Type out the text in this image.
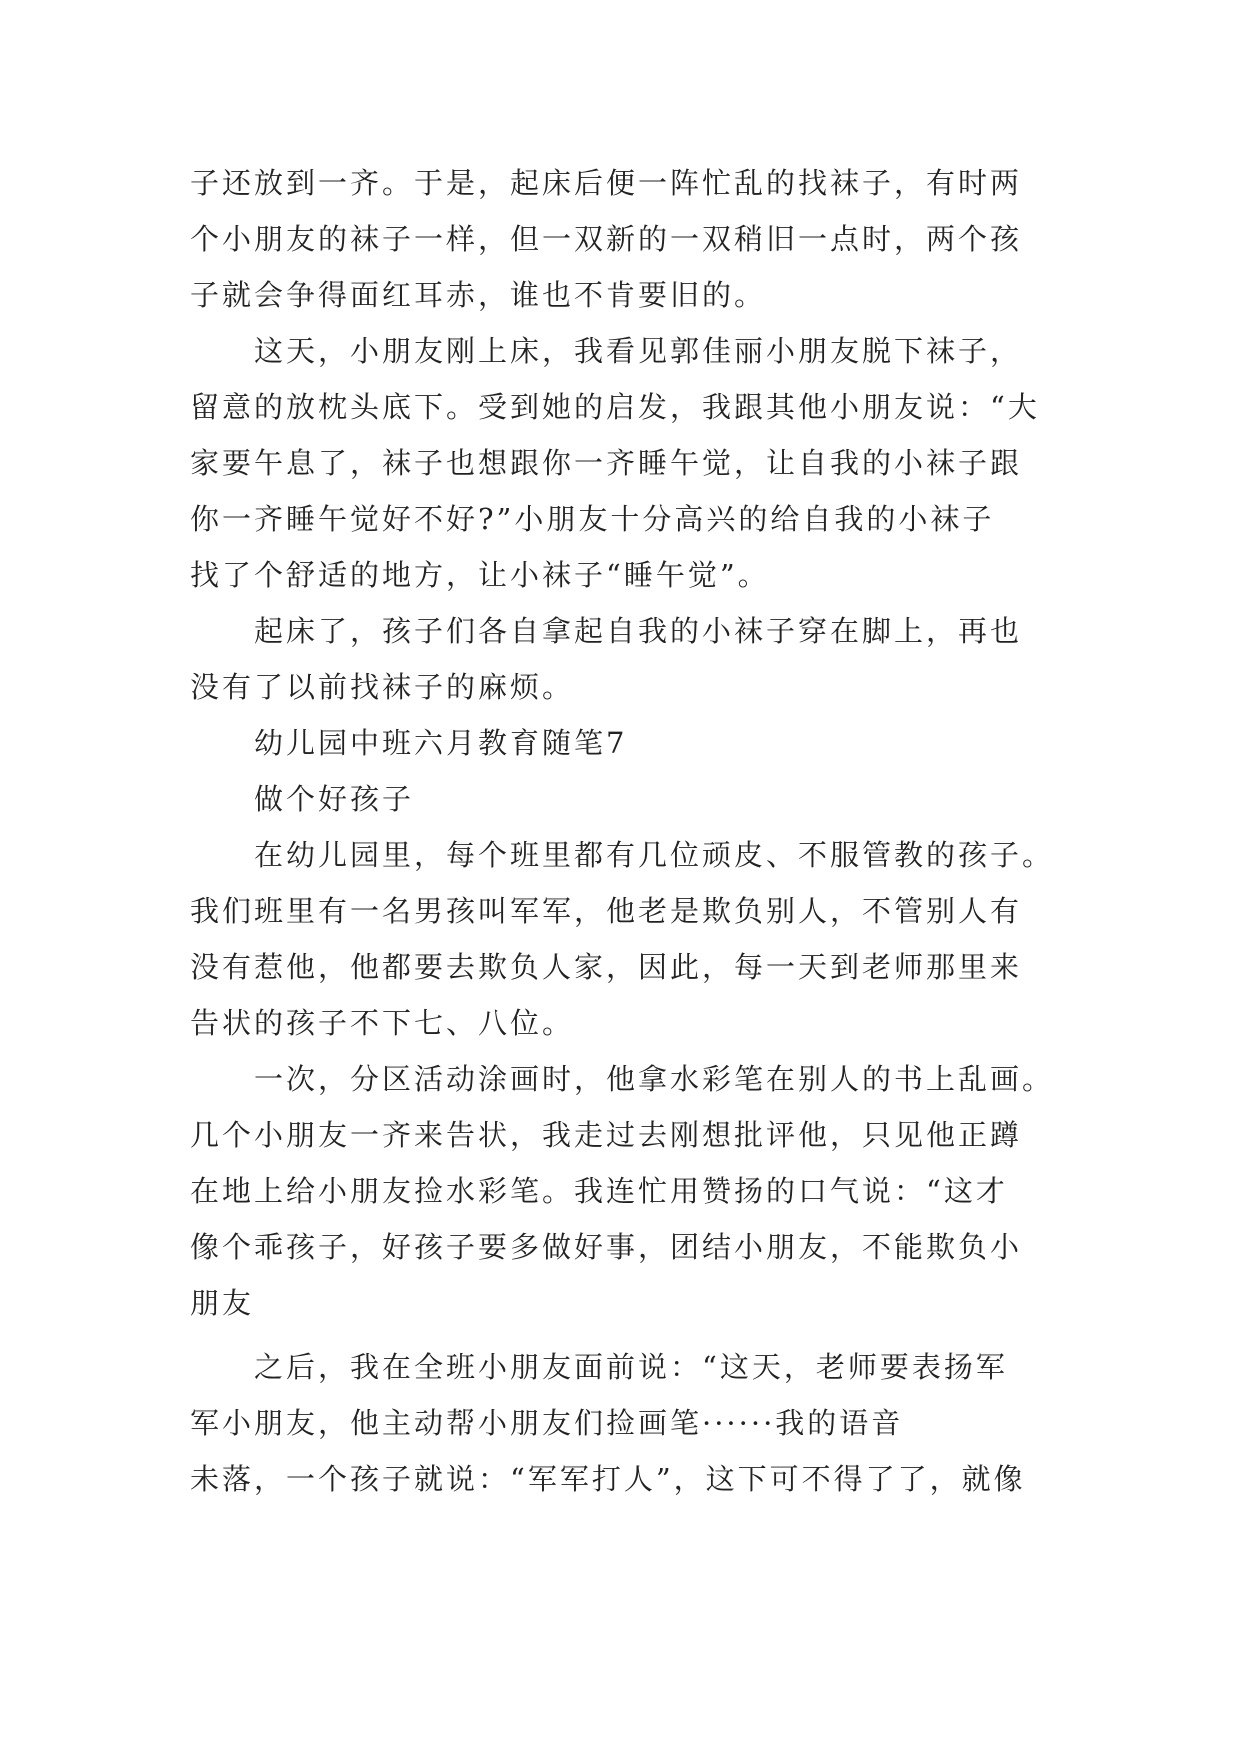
子还放到一齐。于是，起床后便一阵忙乱的找袜子，有时两
个小朋友的袜子一样，但一双新的一双稍旧一点时，两个孩
子就会争得面红耳赤，谁也不肯要旧的。
这天，小朋友刚上床，我看见郭佳丽小朋友脱下袜子，
留意的放枕头底下。受到她的启发，我跟其他小朋友说：“大
家要午息了，袜子也想跟你一齐睡午觉，让自我的小袜子跟
你一齐睡午觉好不好?”小朋友十分高兴的给自我的小袜子
找了个舒适的地方，让小袜子“睡午觉”。
起床了，孩子们各自拿起自我的小袜子穿在脚上，再也
没有了以前找袜子的麻烦。
幼儿园中班六月教育随笔7
做个好孩子
在幼儿园里，每个班里都有几位顽皮、不服管教的孩子。
我们班里有一名男孩叫军军，他老是欺负别人，不管别人有
没有惹他，他都要去欺负人家，因此，每一天到老师那里来
告状的孩子不下七、八位。
一次，分区活动涂画时，他拿水彩笔在别人的书上乱画。
几个小朋友一齐来告状，我走过去刚想批评他，只见他正蹲
在地上给小朋友捡水彩笔。我连忙用赞扬的口气说：“这才
像个乖孩子，好孩子要多做好事，团结小朋友，不能欺负小
朋友
之后，我在全班小朋友面前说：“这天，老师要表扬军
军小朋友，他主动帮小朋友们捡画笔······我的语音
未落，一个孩子就说：“军军打人”，这下可不得了了，就像
